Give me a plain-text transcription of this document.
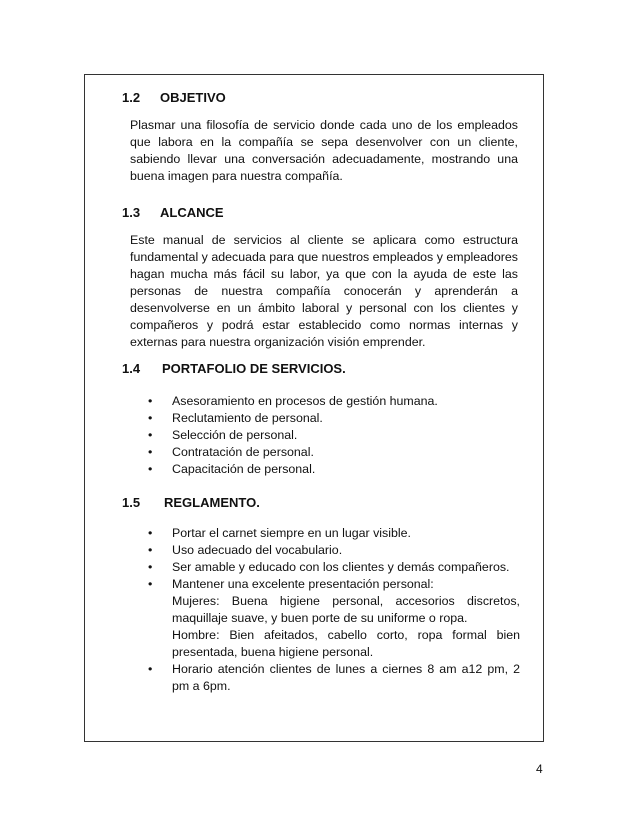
1.2 OBJETIVO
Plasmar una filosofía de servicio donde cada uno de los empleados que labora en la compañía se sepa desenvolver con un cliente, sabiendo llevar una conversación adecuadamente, mostrando una buena imagen para nuestra compañía.
1.3 ALCANCE
Este manual de servicios al cliente se aplicara como estructura fundamental y adecuada para que nuestros empleados y empleadores hagan mucha más fácil su labor, ya que con la ayuda de este las personas de nuestra compañía conocerán y aprenderán a desenvolverse en un ámbito laboral y personal con los clientes y compañeros y podrá estar establecido como normas internas y externas para nuestra organización visión emprender.
1.4 PORTAFOLIO DE SERVICIOS.
• Asesoramiento en procesos de gestión humana.
• Reclutamiento de personal.
• Selección de personal.
• Contratación de personal.
• Capacitación de personal.
1.5 REGLAMENTO.
• Portar el carnet siempre en un lugar visible.
• Uso adecuado del vocabulario.
• Ser amable y educado con los clientes y demás compañeros.
• Mantener una excelente presentación personal:
Mujeres: Buena higiene personal, accesorios discretos, maquillaje suave, y buen porte de su uniforme o ropa.
Hombre: Bien afeitados, cabello corto, ropa formal bien presentada, buena higiene personal.
• Horario atención clientes de lunes a ciernes 8 am a12 pm, 2 pm a 6pm.
4
